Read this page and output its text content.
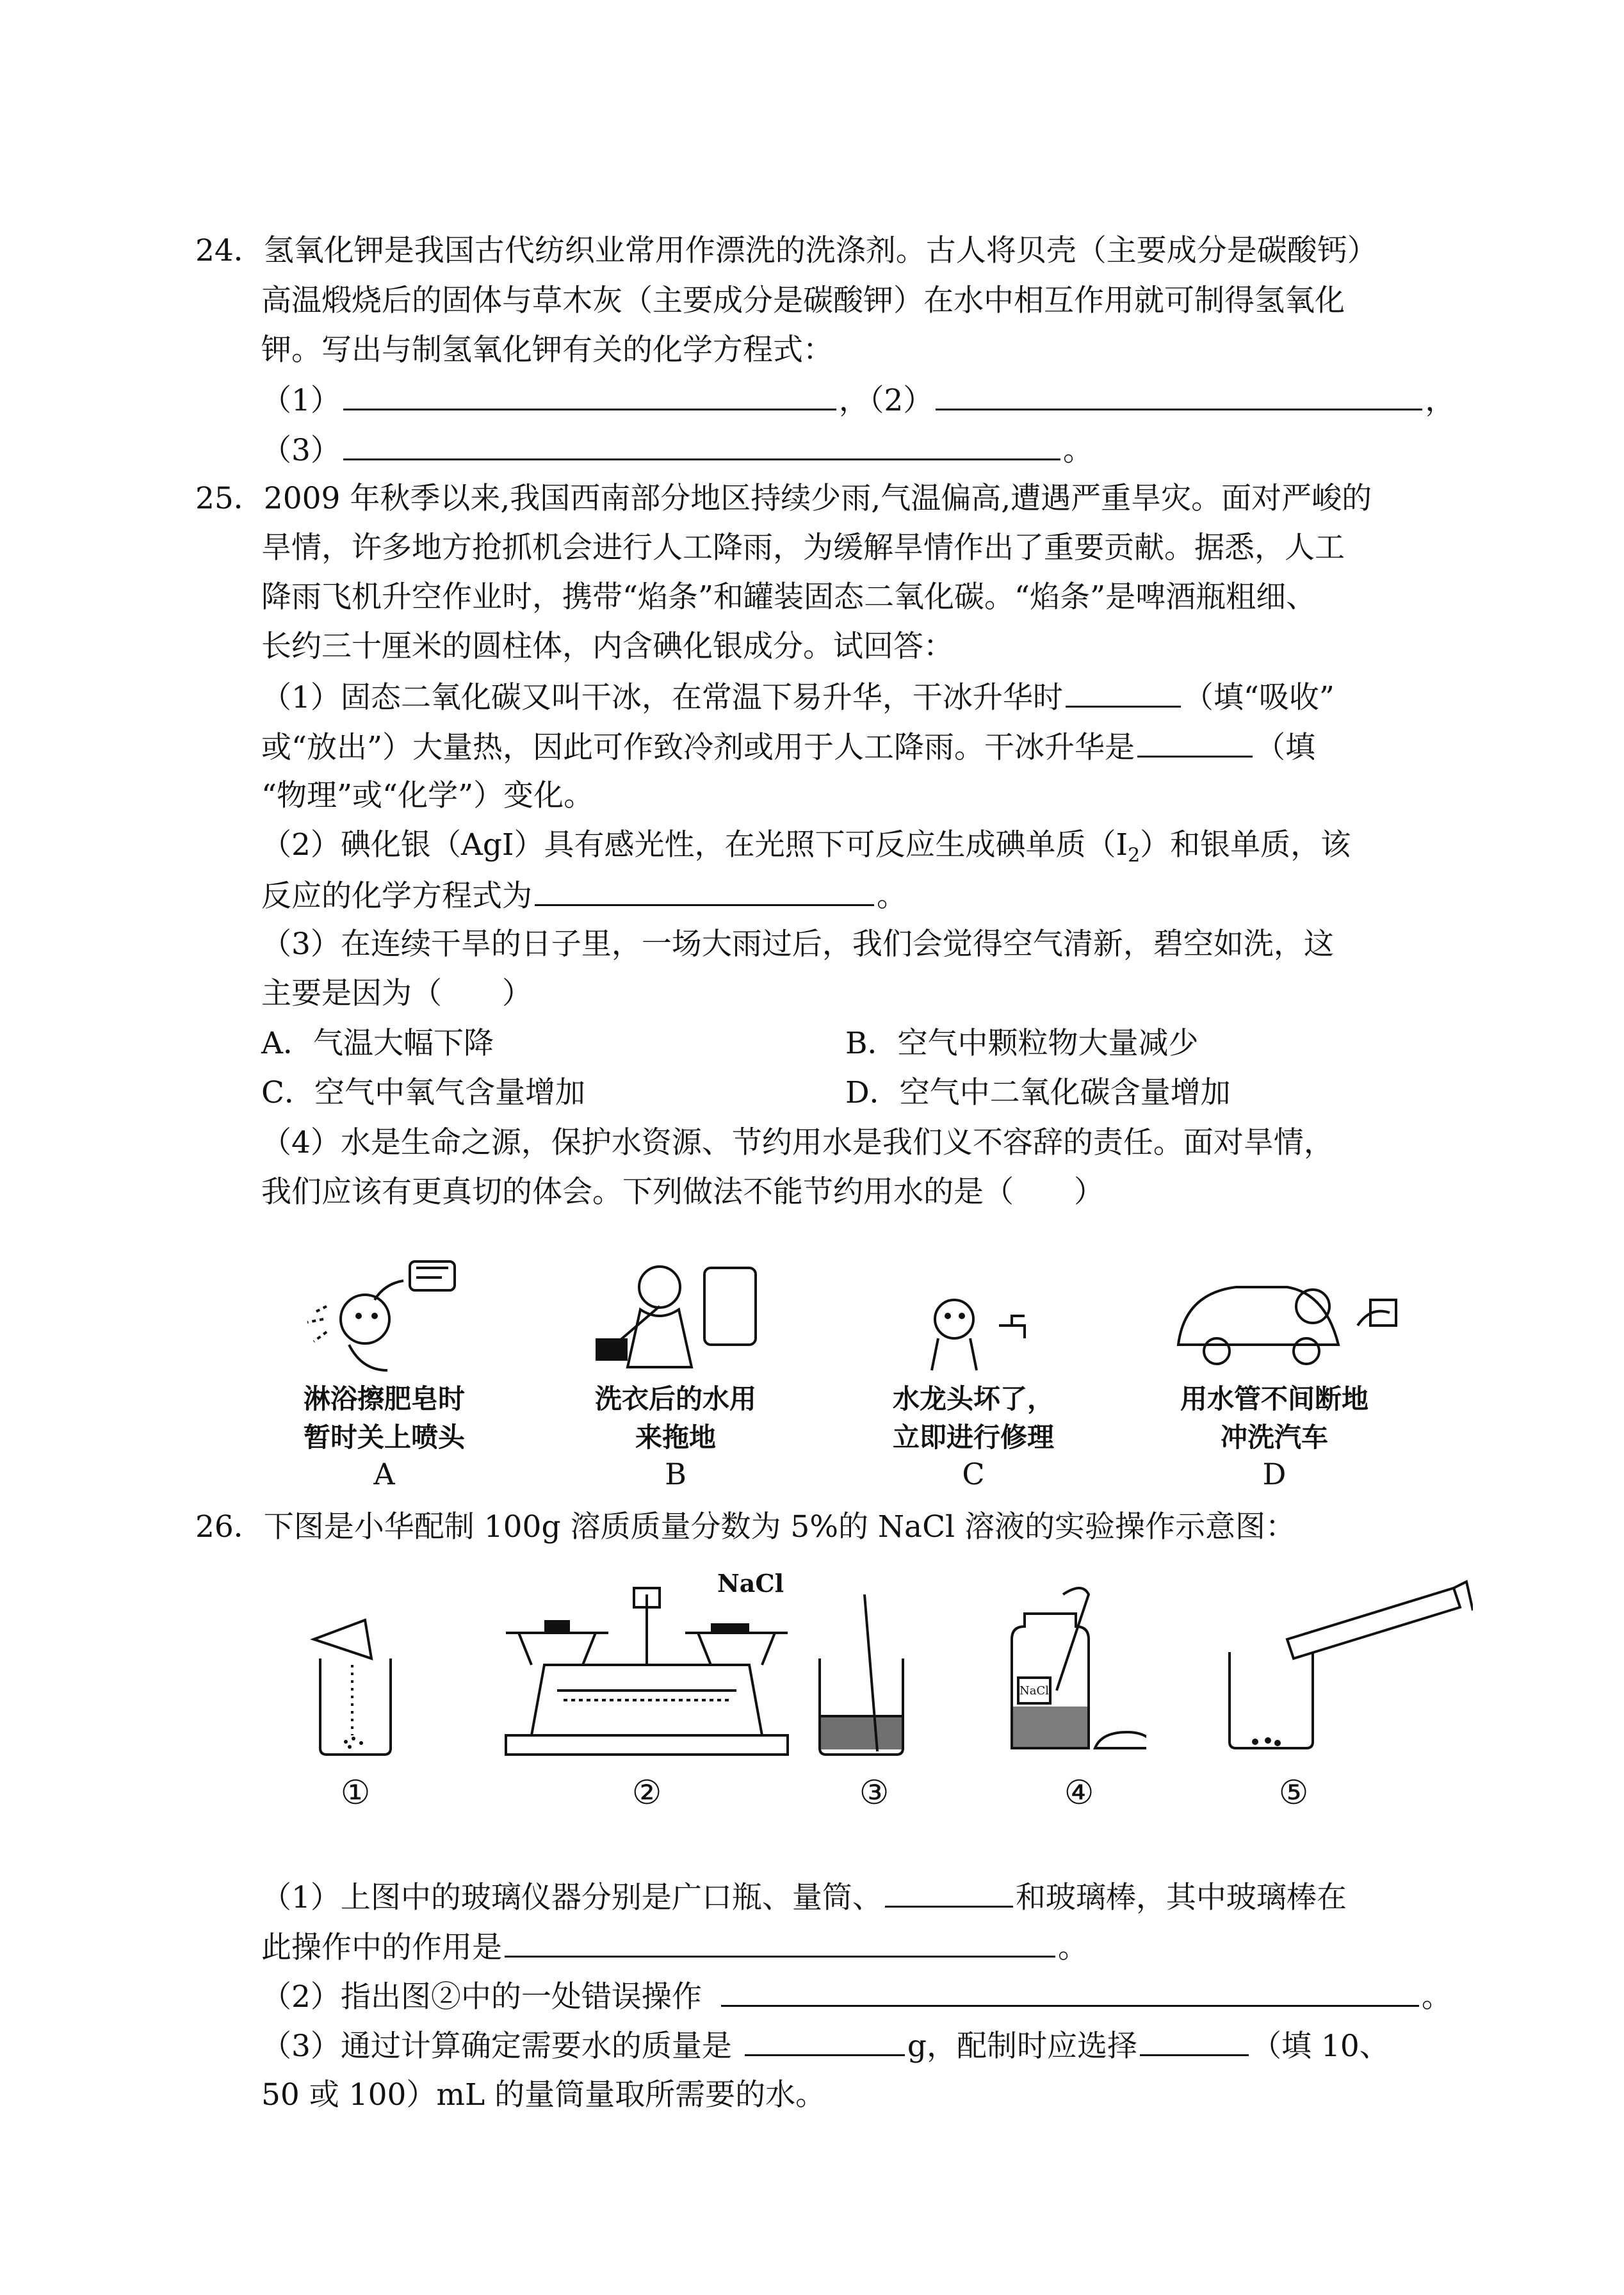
24．氢氧化钾是我国古代纺织业常用作漂洗的洗涤剂。古人将贝壳（主要成分是碳酸钙）
高温煅烧后的固体与草木灰（主要成分是碳酸钾）在水中相互作用就可制得氢氧化
钾。写出与制氢氧化钾有关的化学方程式：
（1）	，（2）	，
（3）	。
25．2009 年秋季以来,我国西南部分地区持续少雨,气温偏高,遭遇严重旱灾。面对严峻的
旱情，许多地方抢抓机会进行人工降雨，为缓解旱情作出了重要贡献。据悉，人工
降雨飞机升空作业时，携带“焰条”和罐装固态二氧化碳。“焰条”是啤酒瓶粗细、
长约三十厘米的圆柱体，内含碘化银成分。试回答：
（1）固态二氧化碳又叫干冰，在常温下易升华，干冰升华时	（填“吸收”
或“放出”）大量热，因此可作致冷剂或用于人工降雨。干冰升华是	（填
“物理”或“化学”）变化。
（2）碘化银（AgI）具有感光性，在光照下可反应生成碘单质$(I_2)$和银单质，该
反应的化学方程式为	。
（3）在连续干旱的日子里，一场大雨过后，我们会觉得空气清新，碧空如洗，这
主要是因为（　　）
A．气温大幅下降	B．空气中颗粒物大量减少
C．空气中氧气含量增加	D．空气中二氧化碳含量增加
（4）水是生命之源，保护水资源、节约用水是我们义不容辞的责任。面对旱情，
我们应该有更真切的体会。下列做法不能节约用水的是（　　）
淋浴擦肥皂时
暂时关上喷头
A
洗衣后的水用
来拖地
B
水龙头坏了，
立即进行修理
C
用水管不间断地
冲洗汽车
D
26．下图是小华配制 100g 溶质质量分数为 5%的 NaCl 溶液的实验操作示意图：
NaCl
NaCl
①	②	③	④	⑤
（1）上图中的玻璃仪器分别是广口瓶、量筒、	和玻璃棒，其中玻璃棒在
此操作中的作用是	。
（2）指出图②中的一处错误操作	。
（3）通过计算确定需要水的质量是	g，配制时应选择	（填 10、
50 或 100）mL 的量筒量取所需要的水。
